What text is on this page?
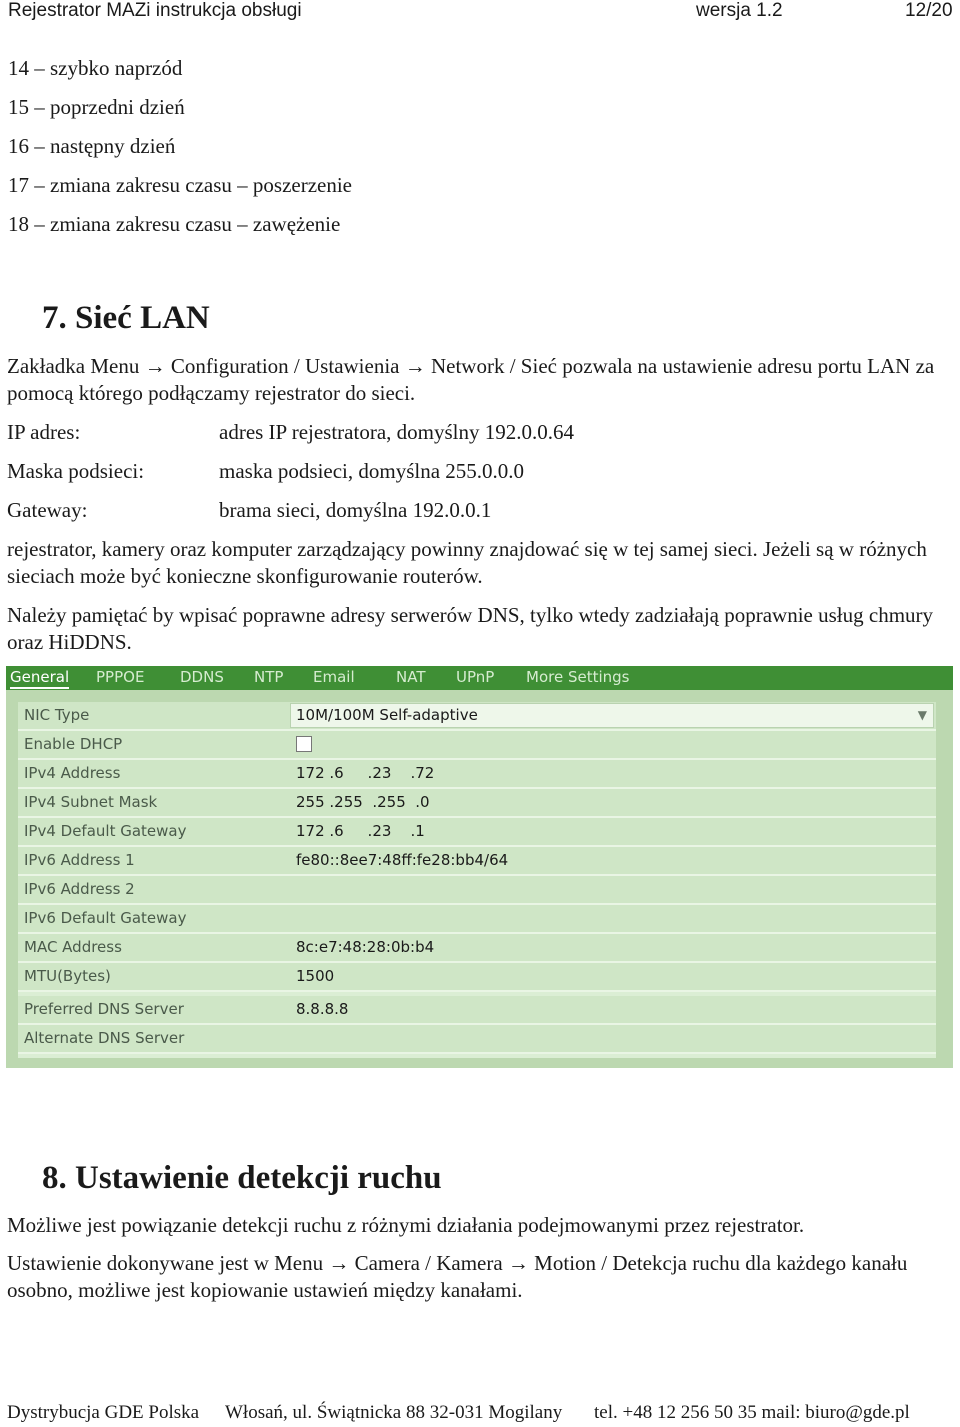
Rejestrator MAZi instrukcja obsługi	wersja 1.2	12/20
14 – szybko naprzód
15 – poprzedni dzień
16 – następny dzień
17 – zmiana zakresu czasu – poszerzenie
18 – zmiana zakresu czasu – zawężenie
7. Sieć LAN
Zakładka Menu → Configuration / Ustawienia → Network / Sieć pozwala na ustawienie adresu portu LAN za pomocą którego podłączamy rejestrator do sieci.
IP adres:	adres IP rejestratora, domyślny 192.0.0.64
Maska podsieci:	maska podsieci, domyślna 255.0.0.0
Gateway:	brama sieci, domyślna 192.0.0.1
rejestrator, kamery oraz komputer zarządzający powinny znajdować się w tej samej sieci. Jeżeli są w różnych sieciach może być konieczne skonfigurowanie routerów.
Należy pamiętać by wpisać poprawne adresy serwerów DNS, tylko wtedy zadziałają poprawnie usług chmury oraz HiDDNS.
General PPPOE DDNS NTP Email	NAT UPnP More Settings
NIC Type	10M/100M Self-adaptive	▼
Enable DHCP
IPv4 Address	172 .6     .23    .72
IPv4 Subnet Mask	255 .255  .255  .0
IPv4 Default Gateway	172 .6     .23    .1
IPv6 Address 1	fe80::8ee7:48ff:fe28:bb4/64
IPv6 Address 2
IPv6 Default Gateway
MAC Address	8c:e7:48:28:0b:b4
MTU(Bytes)	1500
Preferred DNS Server	8.8.8.8
Alternate DNS Server
8. Ustawienie detekcji ruchu
Możliwe jest powiązanie detekcji ruchu z różnymi działania podejmowanymi przez rejestrator.
Ustawienie dokonywane jest w Menu → Camera / Kamera → Motion / Detekcja ruchu dla każdego kanału osobno, możliwe jest kopiowanie ustawień między kanałami.
Dystrybucja GDE Polska Włosań, ul. Świątnicka 88 32-031 Mogilany tel. +48 12 256 50 35 mail: biuro@gde.pl
